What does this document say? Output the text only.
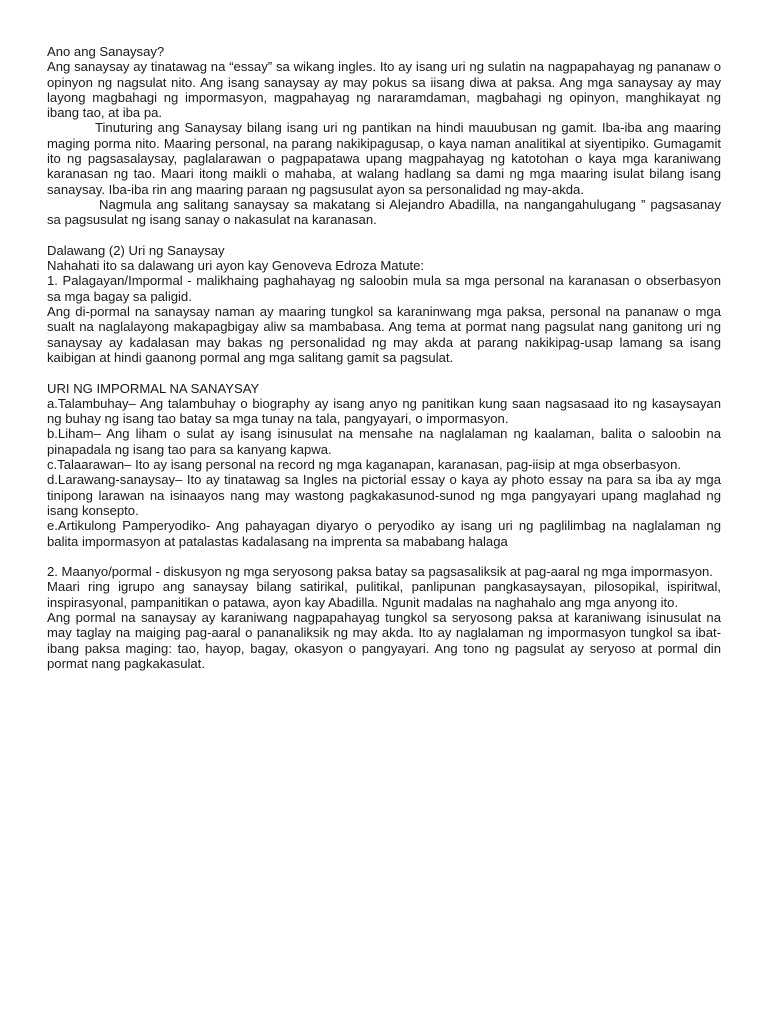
Ano ang Sanaysay?

Ang sanaysay ay tinatawag na “essay” sa wikang ingles. Ito ay isang uri ng sulatin na nagpapahayag ng pananaw o opinyon ng nagsulat nito. Ang isang sanaysay ay may pokus sa iisang diwa at paksa. Ang mga sanaysay ay may layong magbahagi ng impormasyon, magpahayag ng nararamdaman, magbahagi ng opinyon, manghikayat ng ibang tao, at iba pa.

Tinuturing ang Sanaysay bilang isang uri ng pantikan na hindi mauubusan ng gamit. Iba-iba ang maaring maging porma nito. Maaring personal, na parang nakikipagusap, o kaya naman analitikal at siyentipiko. Gumagamit ito ng pagsasalaysay, paglalarawan o pagpapatawa upang magpahayag ng katotohan o kaya mga karaniwang karanasan ng tao. Maari itong maikli o mahaba, at walang hadlang sa dami ng mga maaring isulat bilang isang sanaysay. Iba-iba rin ang maaring paraan ng pagsusulat ayon sa personalidad ng may-akda.

Nagmula ang salitang sanaysay sa makatang si Alejandro Abadilla, na nangangahulugang ” pagsasanay sa pagsusulat ng isang sanay o nakasulat na karanasan.

Dalawang (2) Uri ng Sanaysay

Nahahati ito sa dalawang uri ayon kay Genoveva Edroza Matute:

1. Palagayan/Impormal - malikhaing paghahayag ng saloobin mula sa mga personal na karanasan o obserbasyon sa mga bagay sa paligid.

Ang di-pormal na sanaysay naman ay maaring tungkol sa karaninwang mga paksa, personal na pananaw o mga sualt na naglalayong makapagbigay aliw sa mambabasa. Ang tema at pormat nang pagsulat nang ganitong uri ng sanaysay ay kadalasan may bakas ng personalidad ng may akda at parang nakikipag-usap lamang sa isang kaibigan at hindi gaanong pormal ang mga salitang gamit sa pagsulat.

URI NG IMPORMAL NA SANAYSAY

a.Talambuhay– Ang talambuhay o biography ay isang anyo ng panitikan kung saan nagsasaad ito ng kasaysayan ng buhay ng isang tao batay sa mga tunay na tala, pangyayari, o impormasyon.

b.Liham– Ang liham o sulat ay isang isinusulat na mensahe na naglalaman ng kaalaman, balita o saloobin na pinapadala ng isang tao para sa kanyang kapwa.

c.Talaarawan– Ito ay isang personal na record ng mga kaganapan, karanasan, pag-iisip at mga obserbasyon.

d.Larawang-sanaysay– Ito ay tinatawag sa Ingles na pictorial essay o kaya ay photo essay na para sa iba ay mga tinipong larawan na isinaayos nang may wastong pagkakasunod-sunod ng mga pangyayari upang maglahad ng isang konsepto.

e.Artikulong Pamperyodiko- Ang pahayagan diyaryo o peryodiko ay isang uri ng paglilimbag na naglalaman ng balita impormasyon at patalastas kadalasang na imprenta sa mababang halaga

2. Maanyo/pormal - diskusyon ng mga seryosong paksa batay sa pagsasaliksik at pag-aaral ng mga impormasyon.

Maari ring igrupo ang sanaysay bilang satirikal, pulitikal, panlipunan pangkasaysayan, pilosopikal, ispiritwal, inspirasyonal, pampanitikan o patawa, ayon kay Abadilla. Ngunit madalas na naghahalo ang mga anyong ito.

Ang pormal na sanaysay ay karaniwang nagpapahayag tungkol sa seryosong paksa at karaniwang isinusulat na may taglay na maiging pag-aaral o pananaliksik ng may akda. Ito ay naglalaman ng impormasyon tungkol sa ibat-ibang paksa maging: tao, hayop, bagay, okasyon o pangyayari. Ang tono ng pagsulat ay seryoso at pormal din pormat nang pagkakasulat.
